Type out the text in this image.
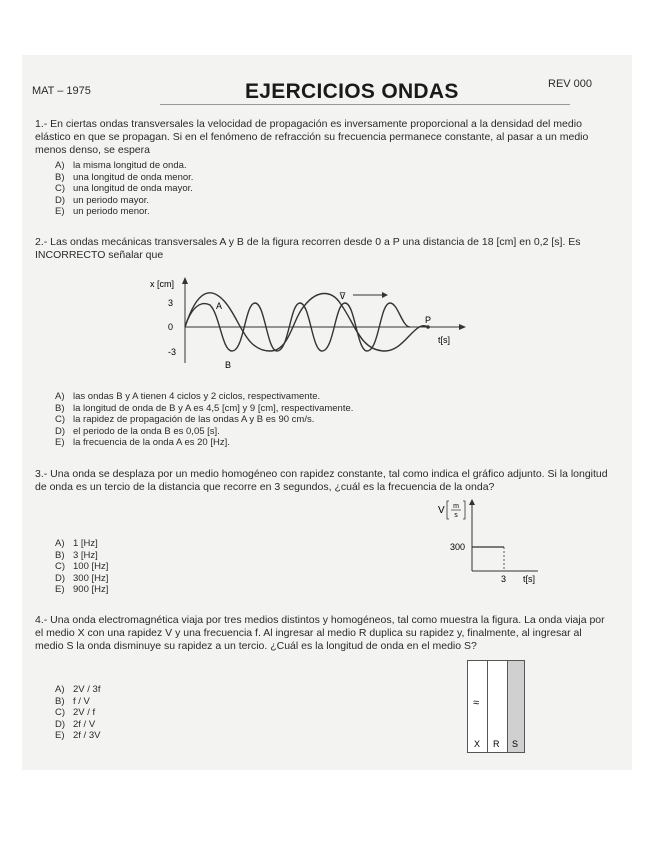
MAT – 1975	EJERCICIOS ONDAS	REV 000
1.- En ciertas ondas transversales la velocidad de propagación es inversamente proporcional a la densidad del medio elástico en que se propagan. Si en el fenómeno de refracción su frecuencia permanece constante, al pasar a un medio menos denso, se espera
A) la misma longitud de onda.
B) una longitud de onda menor.
C) una longitud de onda mayor.
D) un periodo mayor.
E) un periodo menor.
2.- Las ondas mecánicas transversales A y B de la figura recorren desde 0 a P una distancia de 18 [cm] en 0,2 [s]. Es INCORRECTO señalar que
x [cm]
3
0
-3
t[s]
A
B
P
v̅
A) las ondas B y A tienen 4 ciclos y 2 ciclos, respectivamente.
B) la longitud de onda de B y A es 4,5 [cm] y 9 [cm], respectivamente.
C) la rapidez de propagación de las ondas A y B es 90 cm/s.
D) el periodo de la onda B es 0,05 [s].
E) la frecuencia de la onda A es 20 [Hz].
3.- Una onda se desplaza por un medio homogéneo con rapidez constante, tal como indica el gráfico adjunto. Si la longitud de onda es un tercio de la distancia que recorre en 3 segundos, ¿cuál es la frecuencia de la onda?
V m
s
300
3 t[s]
A) 1 [Hz]
B) 3 [Hz]
C) 100 [Hz]
D) 300 [Hz]
E) 900 [Hz]
4.- Una onda electromagnética viaja por tres medios distintos y homogéneos, tal como muestra la figura. La onda viaja por el medio X con una rapidez V y una frecuencia f. Al ingresar al medio R duplica su rapidez y, finalmente, al ingresar al medio S la onda disminuye su rapidez a un tercio. ¿Cuál es la longitud de onda en el medio S?
≈
X R S
A) 2V / 3f
B) f / V
C) 2V / f
D) 2f / V
E) 2f / 3V
